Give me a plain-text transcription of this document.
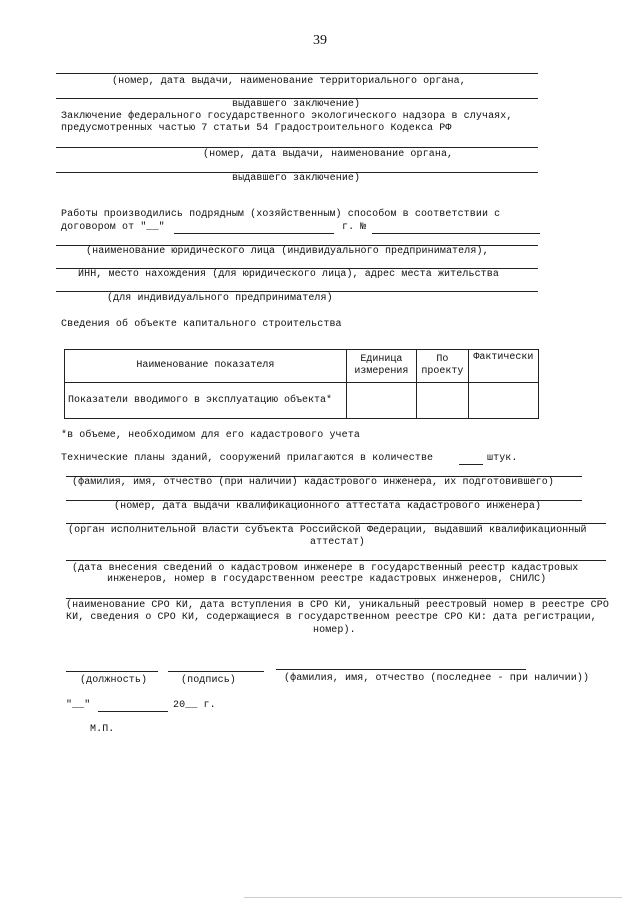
39
(номер, дата выдачи, наименование территориального органа,
выдавшего заключение)
Заключение федерального государственного экологического надзора в случаях,
предусмотренных частью 7 статьи 54 Градостроительного Кодекса РФ
(номер, дата выдачи, наименование органа,
выдавшего заключение)
Работы производились подрядным (хозяйственным) способом в соответствии с
договором от "__"	г. №
(наименование юридического лица (индивидуального предпринимателя),
ИНН, место нахождения (для юридического лица), адрес места жительства
(для индивидуального предпринимателя)
Сведения об объекте капитального строительства
Наименование показателя	Единица измерения	По проекту	Фактически
Показатели вводимого в эксплуатацию объекта*			
*в объеме, необходимом для его кадастрового учета
Технические планы зданий, сооружений прилагаются в количестве	штук.
(фамилия, имя, отчество (при наличии) кадастрового инженера, их подготовившего)
(номер, дата выдачи квалификационного аттестата кадастрового инженера)
(орган исполнительной власти субъекта Российской Федерации, выдавший квалификационный
аттестат)
(дата внесения сведений о кадастровом инженере в государственный реестр кадастровых
инженеров, номер в государственном реестре кадастровых инженеров, СНИЛС)
(наименование СРО КИ, дата вступления в СРО КИ, уникальный реестровый номер в реестре СРО
КИ, сведения о СРО КИ, содержащиеся в государственном реестре СРО КИ: дата регистрации,
номер).
(должность)	(подпись)	(фамилия, имя, отчество (последнее - при наличии))
"__"	20__ г.
М.П.
